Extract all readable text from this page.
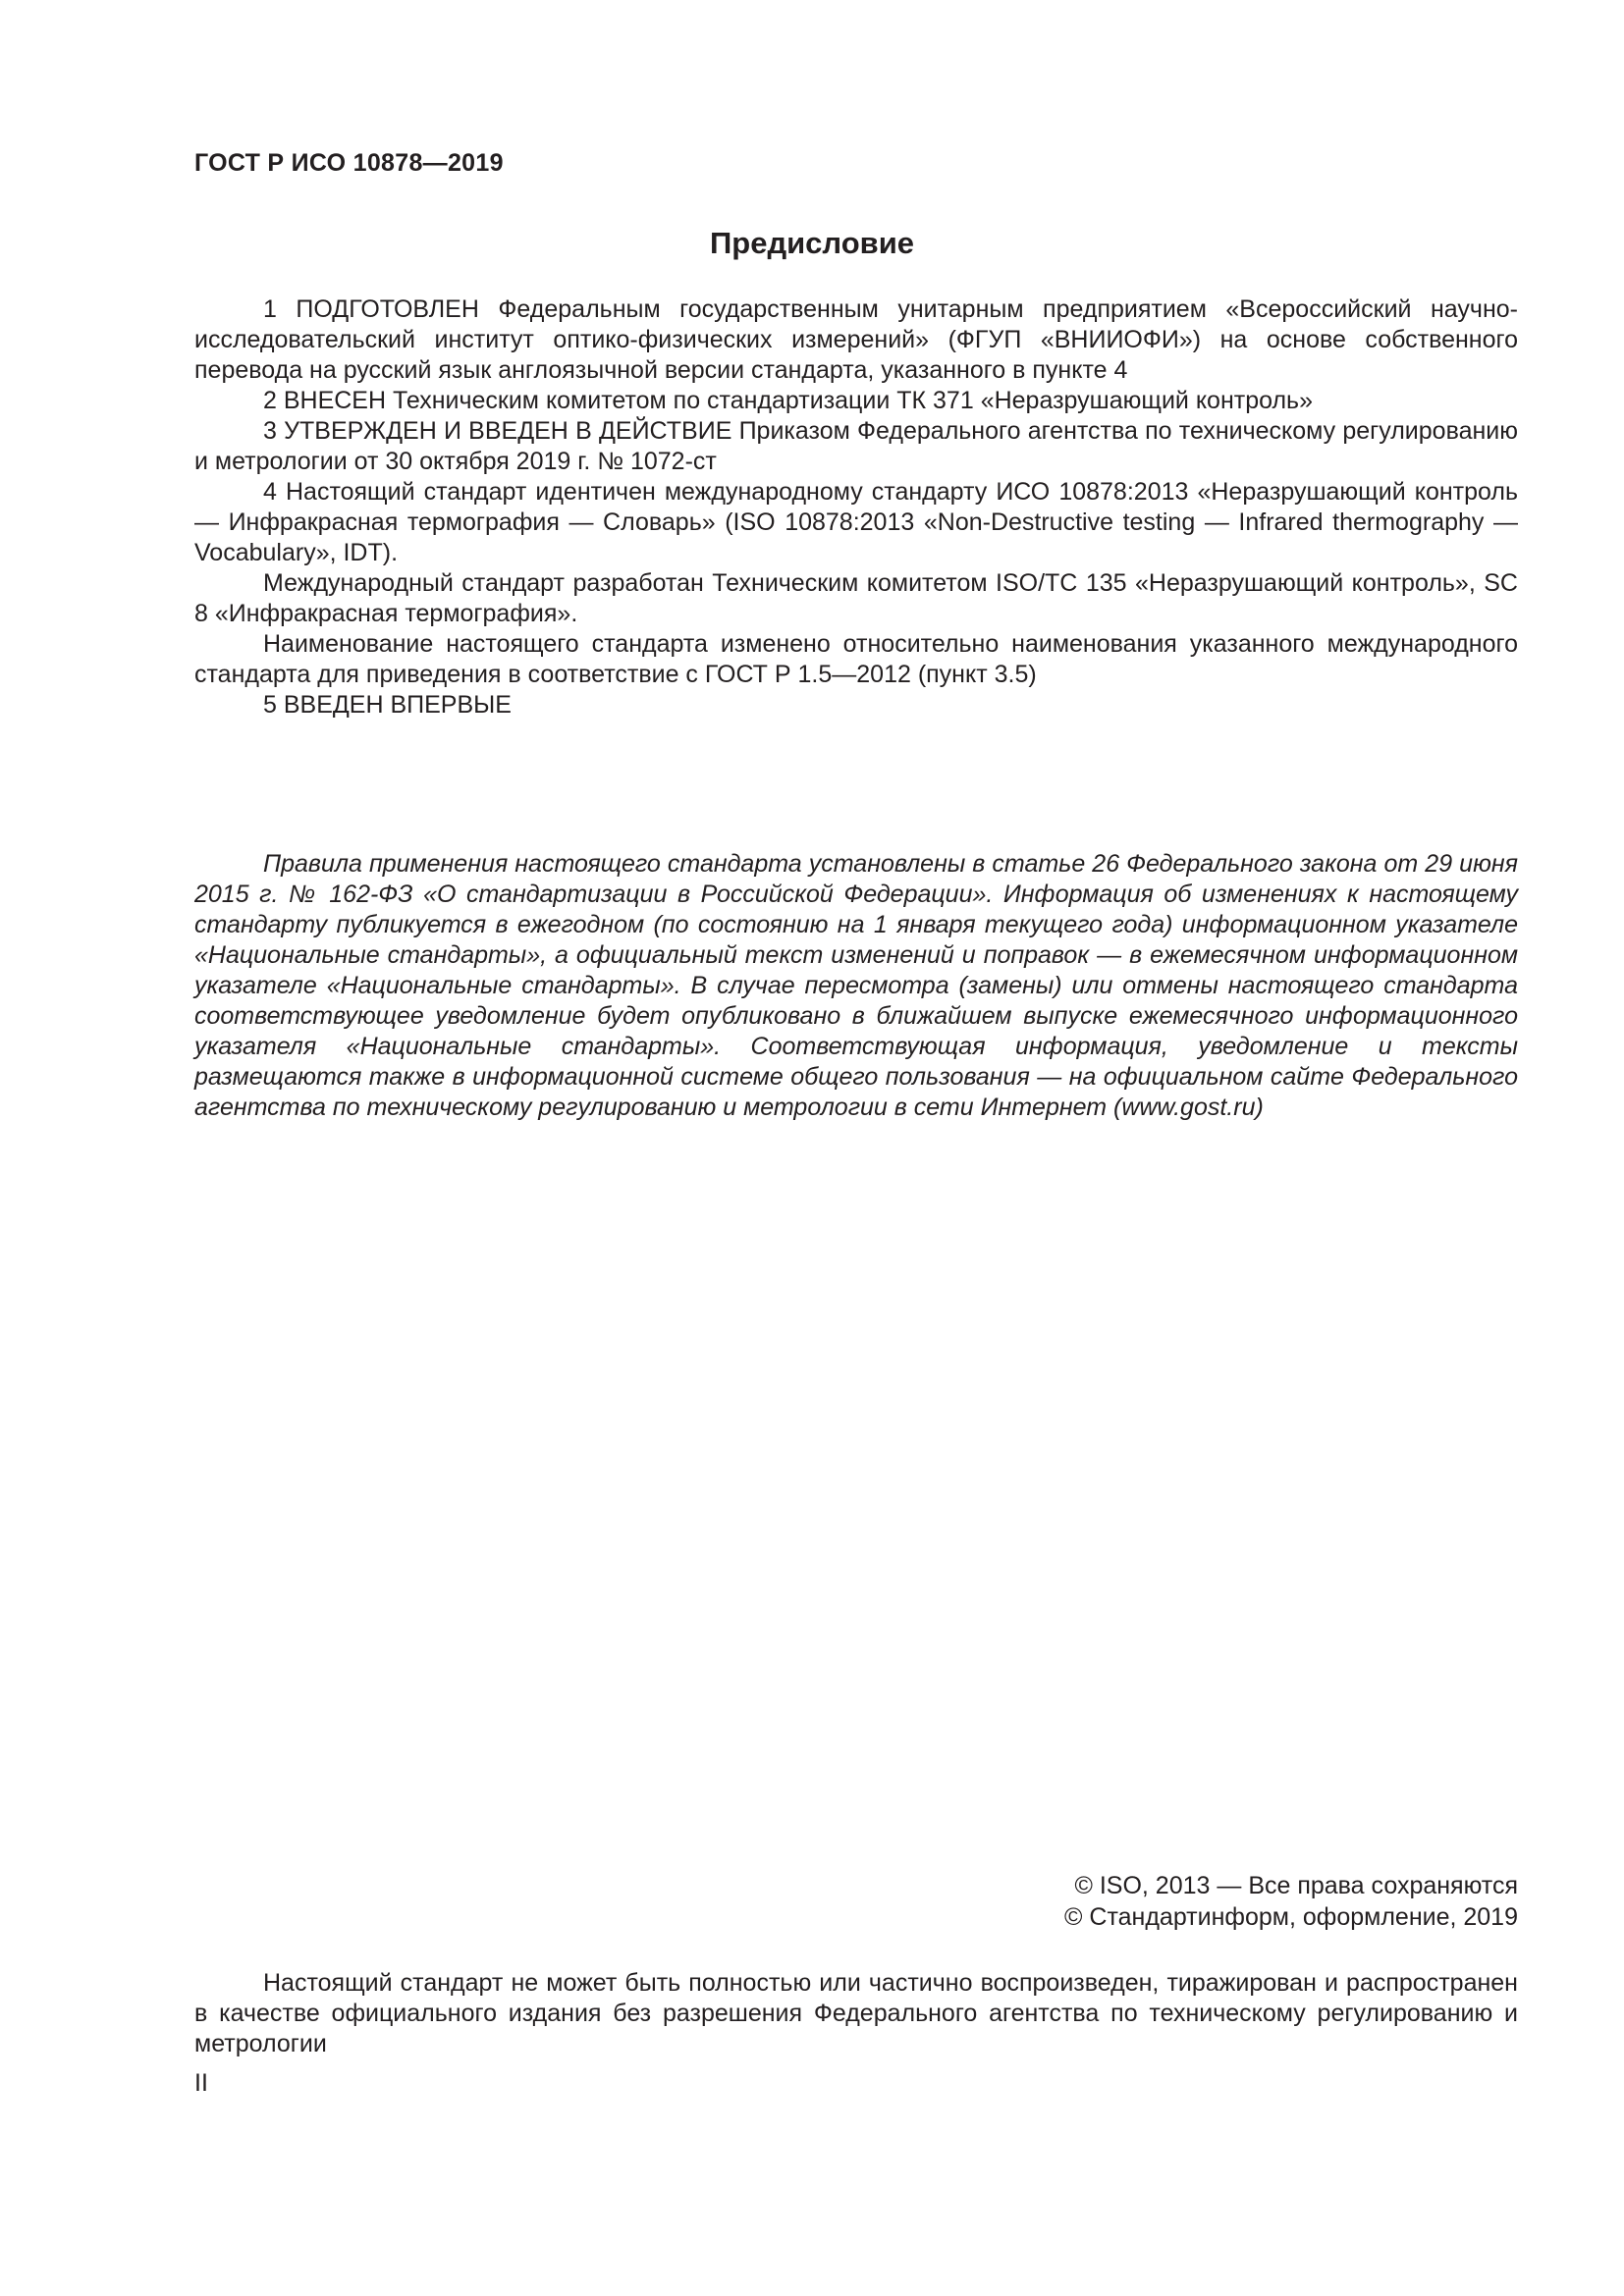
ГОСТ Р ИСО 10878—2019
Предисловие

1 ПОДГОТОВЛЕН Федеральным государственным унитарным предприятием «Всероссийский научно-исследовательский институт оптико-физических измерений» (ФГУП «ВНИИОФИ») на основе собственного перевода на русский язык англоязычной версии стандарта, указанного в пункте 4

2 ВНЕСЕН Техническим комитетом по стандартизации ТК 371 «Неразрушающий контроль»

3 УТВЕРЖДЕН И ВВЕДЕН В ДЕЙСТВИЕ Приказом Федерального агентства по техническому регулированию и метрологии от 30 октября 2019 г. № 1072-ст

4 Настоящий стандарт идентичен международному стандарту ИСО 10878:2013 «Неразрушающий контроль — Инфракрасная термография — Словарь» (ISO 10878:2013 «Non-Destructive testing — Infrared thermography — Vocabulary», IDT).

Международный стандарт разработан Техническим комитетом ISO/TC 135 «Неразрушающий контроль», SC 8 «Инфракрасная термография».

Наименование настоящего стандарта изменено относительно наименования указанного международного стандарта для приведения в соответствие с ГОСТ Р 1.5—2012 (пункт 3.5)

5 ВВЕДЕН ВПЕРВЫЕ

Правила применения настоящего стандарта установлены в статье 26 Федерального закона от 29 июня 2015 г. № 162-ФЗ «О стандартизации в Российской Федерации». Информация об изменениях к настоящему стандарту публикуется в ежегодном (по состоянию на 1 января текущего года) информационном указателе «Национальные стандарты», а официальный текст изменений и поправок — в ежемесячном информационном указателе «Национальные стандарты». В случае пересмотра (замены) или отмены настоящего стандарта соответствующее уведомление будет опубликовано в ближайшем выпуске ежемесячного информационного указателя «Национальные стандарты». Соответствующая информация, уведомление и тексты размещаются также в информационной системе общего пользования — на официальном сайте Федерального агентства по техническому регулированию и метрологии в сети Интернет (www.gost.ru)

© ISO, 2013 — Все права сохраняются
© Стандартинформ, оформление, 2019

Настоящий стандарт не может быть полностью или частично воспроизведен, тиражирован и распространен в качестве официального издания без разрешения Федерального агентства по техническому регулированию и метрологии

II
